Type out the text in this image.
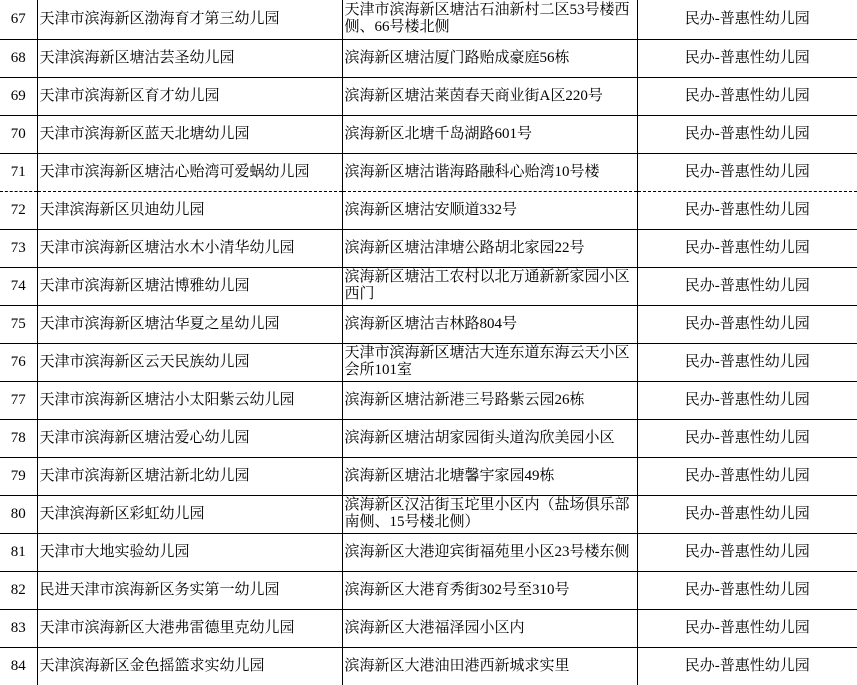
67	天津市滨海新区渤海育才第三幼儿园	天津市滨海新区塘沽石油新村二区53号楼西侧、66号楼北侧	民办-普惠性幼儿园
68	天津滨海新区塘沽芸圣幼儿园	滨海新区塘沽厦门路贻成豪庭56栋	民办-普惠性幼儿园
69	天津市滨海新区育才幼儿园	滨海新区塘沽莱茵春天商业街A区220号	民办-普惠性幼儿园
70	天津市滨海新区蓝天北塘幼儿园	滨海新区北塘千岛湖路601号	民办-普惠性幼儿园
71	天津市滨海新区塘沽心贻湾可爱蜗幼儿园	滨海新区塘沽谐海路融科心贻湾10号楼	民办-普惠性幼儿园
72	天津滨海新区贝迪幼儿园	滨海新区塘沽安顺道332号	民办-普惠性幼儿园
73	天津市滨海新区塘沽水木小清华幼儿园	滨海新区塘沽津塘公路胡北家园22号	民办-普惠性幼儿园
74	天津市滨海新区塘沽博雅幼儿园	滨海新区塘沽工农村以北万通新新家园小区西门	民办-普惠性幼儿园
75	天津市滨海新区塘沽华夏之星幼儿园	滨海新区塘沽吉林路804号	民办-普惠性幼儿园
76	天津市滨海新区云天民族幼儿园	天津市滨海新区塘沽大连东道东海云天小区会所101室	民办-普惠性幼儿园
77	天津市滨海新区塘沽小太阳紫云幼儿园	滨海新区塘沽新港三号路紫云园26栋	民办-普惠性幼儿园
78	天津市滨海新区塘沽爱心幼儿园	滨海新区塘沽胡家园街头道沟欣美园小区	民办-普惠性幼儿园
79	天津市滨海新区塘沽新北幼儿园	滨海新区塘沽北塘馨宇家园49栋	民办-普惠性幼儿园
80	天津滨海新区彩虹幼儿园	滨海新区汉沽街玉坨里小区内（盐场俱乐部南侧、15号楼北侧）	民办-普惠性幼儿园
81	天津市大地实验幼儿园	滨海新区大港迎宾街福苑里小区23号楼东侧	民办-普惠性幼儿园
82	民进天津市滨海新区务实第一幼儿园	滨海新区大港育秀街302号至310号	民办-普惠性幼儿园
83	天津市滨海新区大港弗雷德里克幼儿园	滨海新区大港福泽园小区内	民办-普惠性幼儿园
84	天津滨海新区金色摇篮求实幼儿园	滨海新区大港油田港西新城求实里	民办-普惠性幼儿园
